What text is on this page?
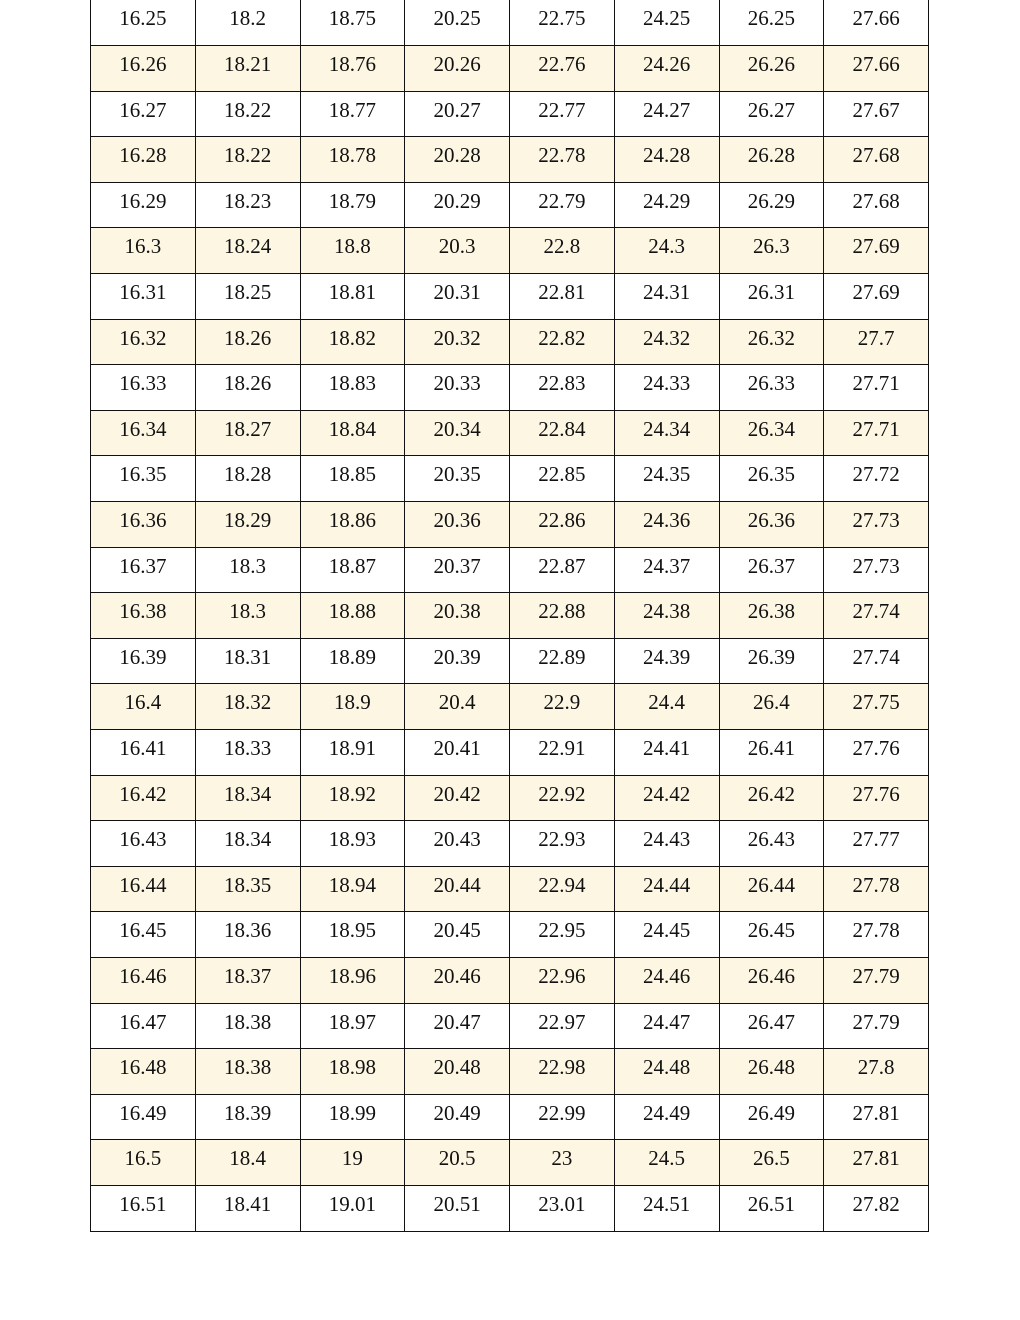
16.25	18.2	18.75	20.25	22.75	24.25	26.25	27.66
16.26	18.21	18.76	20.26	22.76	24.26	26.26	27.66
16.27	18.22	18.77	20.27	22.77	24.27	26.27	27.67
16.28	18.22	18.78	20.28	22.78	24.28	26.28	27.68
16.29	18.23	18.79	20.29	22.79	24.29	26.29	27.68
16.3	18.24	18.8	20.3	22.8	24.3	26.3	27.69
16.31	18.25	18.81	20.31	22.81	24.31	26.31	27.69
16.32	18.26	18.82	20.32	22.82	24.32	26.32	27.7
16.33	18.26	18.83	20.33	22.83	24.33	26.33	27.71
16.34	18.27	18.84	20.34	22.84	24.34	26.34	27.71
16.35	18.28	18.85	20.35	22.85	24.35	26.35	27.72
16.36	18.29	18.86	20.36	22.86	24.36	26.36	27.73
16.37	18.3	18.87	20.37	22.87	24.37	26.37	27.73
16.38	18.3	18.88	20.38	22.88	24.38	26.38	27.74
16.39	18.31	18.89	20.39	22.89	24.39	26.39	27.74
16.4	18.32	18.9	20.4	22.9	24.4	26.4	27.75
16.41	18.33	18.91	20.41	22.91	24.41	26.41	27.76
16.42	18.34	18.92	20.42	22.92	24.42	26.42	27.76
16.43	18.34	18.93	20.43	22.93	24.43	26.43	27.77
16.44	18.35	18.94	20.44	22.94	24.44	26.44	27.78
16.45	18.36	18.95	20.45	22.95	24.45	26.45	27.78
16.46	18.37	18.96	20.46	22.96	24.46	26.46	27.79
16.47	18.38	18.97	20.47	22.97	24.47	26.47	27.79
16.48	18.38	18.98	20.48	22.98	24.48	26.48	27.8
16.49	18.39	18.99	20.49	22.99	24.49	26.49	27.81
16.5	18.4	19	20.5	23	24.5	26.5	27.81
16.51	18.41	19.01	20.51	23.01	24.51	26.51	27.82
